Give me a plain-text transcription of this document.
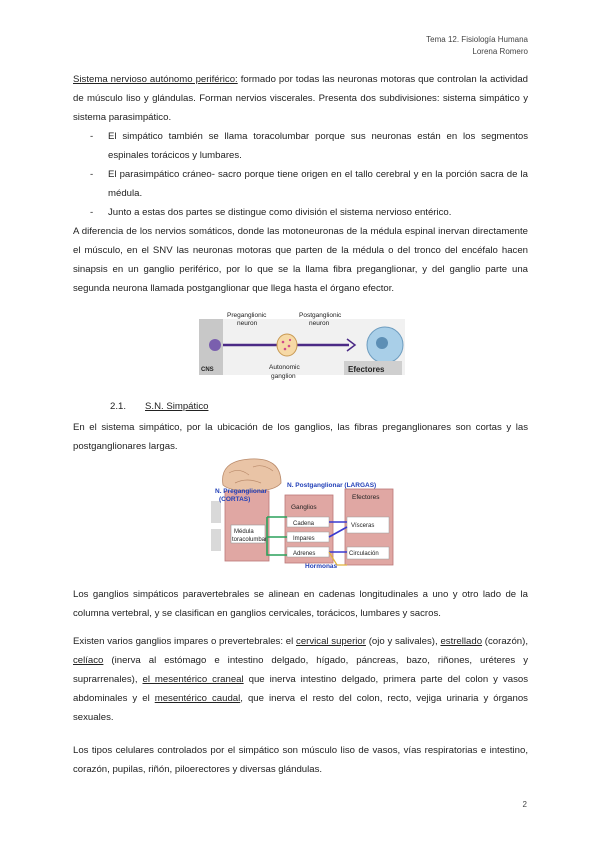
Tema 12. Fisiología Humana
Lorena Romero
Sistema nervioso autónomo periférico: formado por todas las neuronas motoras que controlan la actividad de músculo liso y glándulas. Forman nervios viscerales. Presenta dos subdivisiones: sistema simpático y sistema parasimpático.
- El simpático también se llama toracolumbar porque sus neuronas están en los segmentos espinales torácicos y lumbares.
- El parasimpático cráneo- sacro porque tiene origen en el tallo cerebral y en la porción sacra de la médula.
- Junto a estas dos partes se distingue como división el sistema nervioso entérico.
A diferencia de los nervios somáticos, donde las motoneuronas de la médula espinal inervan directamente el músculo, en el SNV las neuronas motoras que parten de la médula o del tronco del encéfalo hacen sinapsis en un ganglio periférico, por lo que se la llama fibra preganglionar, y del ganglio parte una segunda neurona llamada postganglionar que llega hasta el órgano efector.
CNS
Preganglionic
neuron
Postganglionic
neuron
Autonomic
ganglion
Efectores
2.1. S.N. Simpático
En el sistema simpático, por la ubicación de los ganglios, las fibras preganglionares son cortas y las postganglionares largas.
Médula
toracolumbar
Ganglios
Cadena
Impares
Adrenes
Efectores
Vísceras
Circulación
N. Preganglionar
(CORTAS)
N. Postganglionar (LARGAS)
Hormonas
Los ganglios simpáticos paravertebrales se alinean en cadenas longitudinales a uno y otro lado de la columna vertebral, y se clasifican en ganglios cervicales, torácicos, lumbares y sacros.
Existen varios ganglios impares o prevertebrales: el cervical superior (ojo y salivales), estrellado (corazón), celíaco (inerva al estómago e intestino delgado, hígado, páncreas, bazo, riñones, uréteres y suprarrenales), el mesentérico craneal que inerva intestino delgado, primera parte del colon y vasos abdominales y el mesentérico caudal, que inerva el resto del colon, recto, vejiga urinaria y órganos sexuales.
Los tipos celulares controlados por el simpático son músculo liso de vasos, vías respiratorias e intestino, corazón, pupilas, riñón, piloerectores y diversas glándulas.
2
